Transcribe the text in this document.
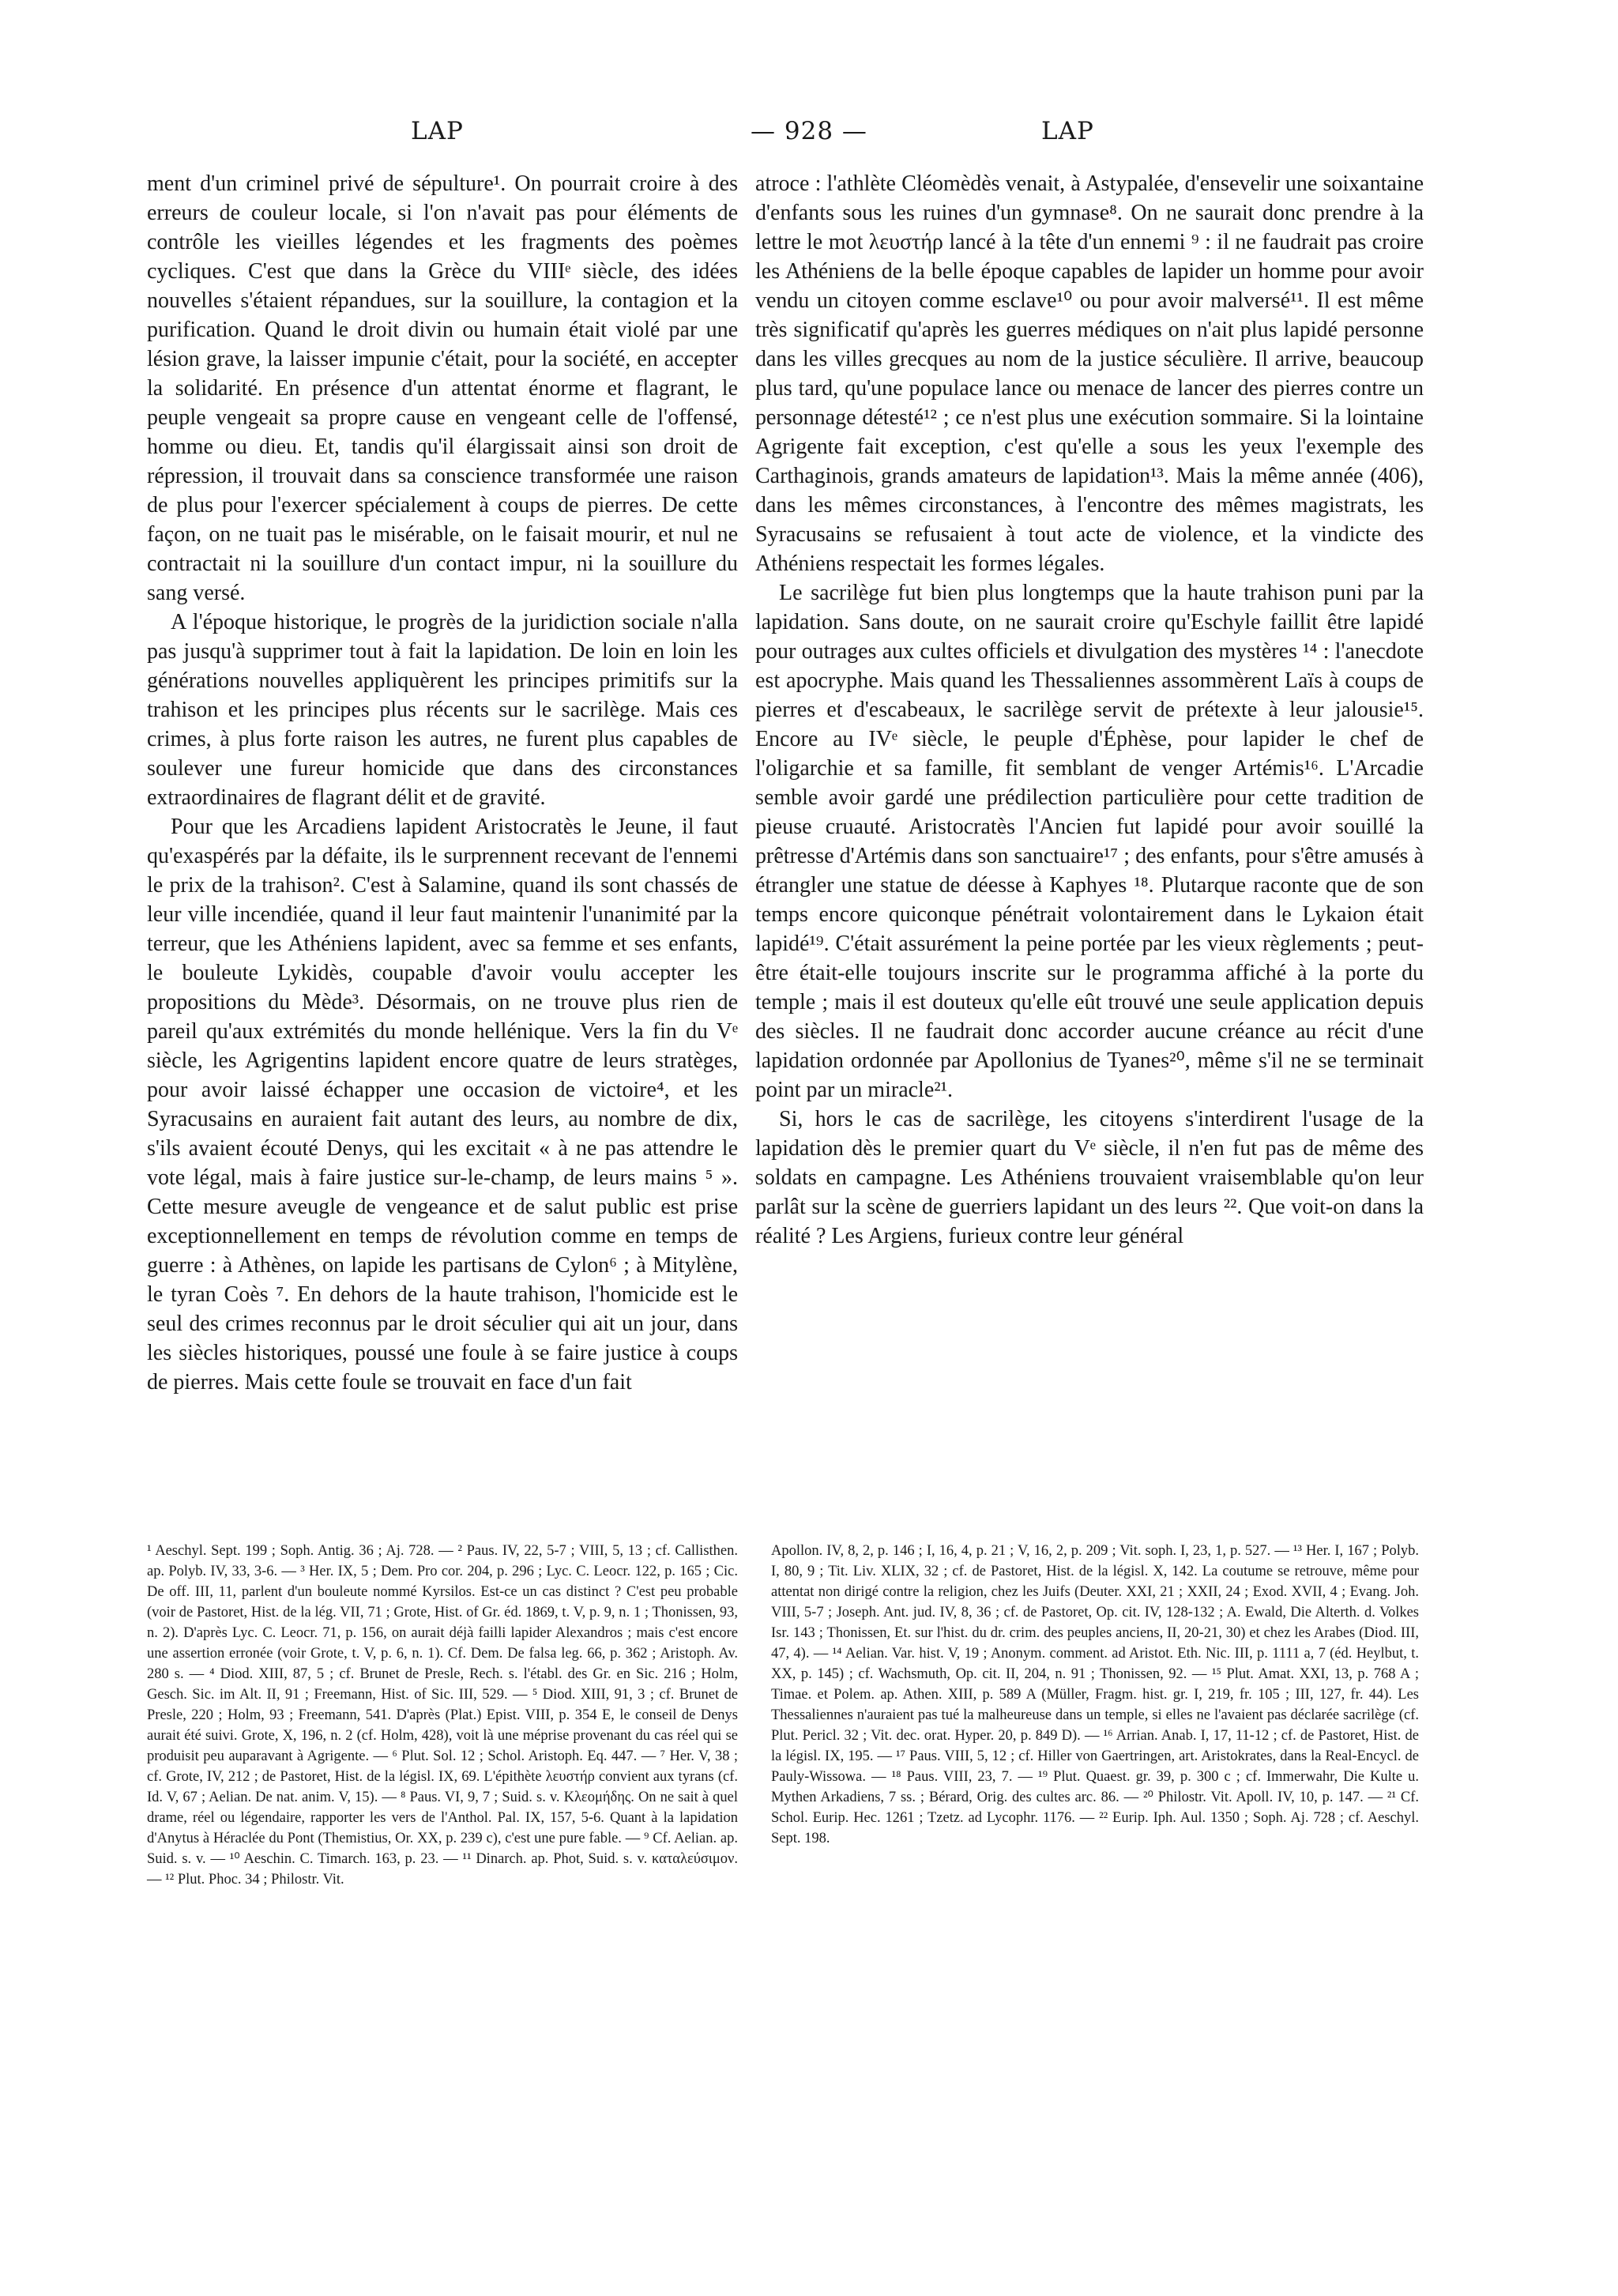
— 928 —
LAP	LAP

ment d'un criminel privé de sépulture¹. On pourrait croire à des erreurs de couleur locale, si l'on n'avait pas pour éléments de contrôle les vieilles légendes et les fragments des poèmes cycliques. C'est que dans la Grèce du VIIIᵉ siècle, des idées nouvelles s'étaient répandues, sur la souillure, la contagion et la purification. Quand le droit divin ou humain était violé par une lésion grave, la laisser impunie c'était, pour la société, en accepter la solidarité. En présence d'un attentat énorme et flagrant, le peuple vengeait sa propre cause en vengeant celle de l'offensé, homme ou dieu. Et, tandis qu'il élargissait ainsi son droit de répression, il trouvait dans sa conscience transformée une raison de plus pour l'exercer spécialement à coups de pierres. De cette façon, on ne tuait pas le misérable, on le faisait mourir, et nul ne contractait ni la souillure d'un contact impur, ni la souillure du sang versé.

A l'époque historique, le progrès de la juridiction sociale n'alla pas jusqu'à supprimer tout à fait la lapidation. De loin en loin les générations nouvelles appliquèrent les principes primitifs sur la trahison et les principes plus récents sur le sacrilège. Mais ces crimes, à plus forte raison les autres, ne furent plus capables de soulever une fureur homicide que dans des circonstances extraordinaires de flagrant délit et de gravité.

Pour que les Arcadiens lapident Aristocratès le Jeune, il faut qu'exaspérés par la défaite, ils le surprennent recevant de l'ennemi le prix de la trahison². C'est à Salamine, quand ils sont chassés de leur ville incendiée, quand il leur faut maintenir l'unanimité par la terreur, que les Athéniens lapident, avec sa femme et ses enfants, le bouleute Lykidès, coupable d'avoir voulu accepter les propositions du Mède³. Désormais, on ne trouve plus rien de pareil qu'aux extrémités du monde hellénique. Vers la fin du Vᵉ siècle, les Agrigentins lapident encore quatre de leurs stratèges, pour avoir laissé échapper une occasion de victoire⁴, et les Syracusains en auraient fait autant des leurs, au nombre de dix, s'ils avaient écouté Denys, qui les excitait « à ne pas attendre le vote légal, mais à faire justice sur-le-champ, de leurs mains ⁵ ». Cette mesure aveugle de vengeance et de salut public est prise exceptionnellement en temps de révolution comme en temps de guerre : à Athènes, on lapide les partisans de Cylon⁶ ; à Mitylène, le tyran Coès ⁷. En dehors de la haute trahison, l'homicide est le seul des crimes reconnus par le droit séculier qui ait un jour, dans les siècles historiques, poussé une foule à se faire justice à coups de pierres. Mais cette foule se trouvait en face d'un fait

atroce : l'athlète Cléomèdès venait, à Astypalée, d'ensevelir une soixantaine d'enfants sous les ruines d'un gymnase⁸. On ne saurait donc prendre à la lettre le mot λευστήρ lancé à la tête d'un ennemi ⁹ : il ne faudrait pas croire les Athéniens de la belle époque capables de lapider un homme pour avoir vendu un citoyen comme esclave¹⁰ ou pour avoir malversé¹¹. Il est même très significatif qu'après les guerres médiques on n'ait plus lapidé personne dans les villes grecques au nom de la justice séculière. Il arrive, beaucoup plus tard, qu'une populace lance ou menace de lancer des pierres contre un personnage détesté¹² ; ce n'est plus une exécution sommaire. Si la lointaine Agrigente fait exception, c'est qu'elle a sous les yeux l'exemple des Carthaginois, grands amateurs de lapidation¹³. Mais la même année (406), dans les mêmes circonstances, à l'encontre des mêmes magistrats, les Syracusains se refusaient à tout acte de violence, et la vindicte des Athéniens respectait les formes légales.

Le sacrilège fut bien plus longtemps que la haute trahison puni par la lapidation. Sans doute, on ne saurait croire qu'Eschyle faillit être lapidé pour outrages aux cultes officiels et divulgation des mystères ¹⁴ : l'anecdote est apocryphe. Mais quand les Thessaliennes assommèrent Laïs à coups de pierres et d'escabeaux, le sacrilège servit de prétexte à leur jalousie¹⁵. Encore au IVᵉ siècle, le peuple d'Éphèse, pour lapider le chef de l'oligarchie et sa famille, fit semblant de venger Artémis¹⁶. L'Arcadie semble avoir gardé une prédilection particulière pour cette tradition de pieuse cruauté. Aristocratès l'Ancien fut lapidé pour avoir souillé la prêtresse d'Artémis dans son sanctuaire¹⁷ ; des enfants, pour s'être amusés à étrangler une statue de déesse à Kaphyes ¹⁸. Plutarque raconte que de son temps encore quiconque pénétrait volontairement dans le Lykaion était lapidé¹⁹. C'était assurément la peine portée par les vieux règlements ; peut-être était-elle toujours inscrite sur le programma affiché à la porte du temple ; mais il est douteux qu'elle eût trouvé une seule application depuis des siècles. Il ne faudrait donc accorder aucune créance au récit d'une lapidation ordonnée par Apollonius de Tyanes²⁰, même s'il ne se terminait point par un miracle²¹.

Si, hors le cas de sacrilège, les citoyens s'interdirent l'usage de la lapidation dès le premier quart du Vᵉ siècle, il n'en fut pas de même des soldats en campagne. Les Athéniens trouvaient vraisemblable qu'on leur parlât sur la scène de guerriers lapidant un des leurs ²². Que voit-on dans la réalité ? Les Argiens, furieux contre leur général

¹ Aeschyl. Sept. 199 ; Soph. Antig. 36 ; Aj. 728. — ² Paus. IV, 22, 5-7 ; VIII, 5, 13 ; cf. Callisthen. ap. Polyb. IV, 33, 3-6. — ³ Her. IX, 5 ; Dem. Pro cor. 204, p. 296 ; Lyc. C. Leocr. 122, p. 165 ; Cic. De off. III, 11, parlent d'un bouleute nommé Kyrsilos. Est-ce un cas distinct ? C'est peu probable (voir de Pastoret, Hist. de la lég. VII, 71 ; Grote, Hist. of Gr. éd. 1869, t. V, p. 9, n. 1 ; Thonissen, 93, n. 2). D'après Lyc. C. Leocr. 71, p. 156, on aurait déjà failli lapider Alexandros ; mais c'est encore une assertion erronée (voir Grote, t. V, p. 6, n. 1). Cf. Dem. De falsa leg. 66, p. 362 ; Aristoph. Av. 280 s. — ⁴ Diod. XIII, 87, 5 ; cf. Brunet de Presle, Rech. s. l'établ. des Gr. en Sic. 216 ; Holm, Gesch. Sic. im Alt. II, 91 ; Freemann, Hist. of Sic. III, 529. — ⁵ Diod. XIII, 91, 3 ; cf. Brunet de Presle, 220 ; Holm, 93 ; Freemann, 541. D'après (Plat.) Epist. VIII, p. 354 E, le conseil de Denys aurait été suivi. Grote, X, 196, n. 2 (cf. Holm, 428), voit là une méprise provenant du cas réel qui se produisit peu auparavant à Agrigente. — ⁶ Plut. Sol. 12 ; Schol. Aristoph. Eq. 447. — ⁷ Her. V, 38 ; cf. Grote, IV, 212 ; de Pastoret, Hist. de la législ. IX, 69. L'épithète λευστήρ convient aux tyrans (cf. Id. V, 67 ; Aelian. De nat. anim. V, 15). — ⁸ Paus. VI, 9, 7 ; Suid. s. v. Κλεομήδης. On ne sait à quel drame, réel ou légendaire, rapporter les vers de l'Anthol. Pal. IX, 157, 5-6. Quant à la lapidation d'Anytus à Héraclée du Pont (Themistius, Or. XX, p. 239 c), c'est une pure fable. — ⁹ Cf. Aelian. ap. Suid. s. v. — ¹⁰ Aeschin. C. Timarch. 163, p. 23. — ¹¹ Dinarch. ap. Phot, Suid. s. v. καταλεύσιμον. — ¹² Plut. Phoc. 34 ; Philostr. Vit.

Apollon. IV, 8, 2, p. 146 ; I, 16, 4, p. 21 ; V, 16, 2, p. 209 ; Vit. soph. I, 23, 1, p. 527. — ¹³ Her. I, 167 ; Polyb. I, 80, 9 ; Tit. Liv. XLIX, 32 ; cf. de Pastoret, Hist. de la législ. X, 142. La coutume se retrouve, même pour attentat non dirigé contre la religion, chez les Juifs (Deuter. XXI, 21 ; XXII, 24 ; Exod. XVII, 4 ; Evang. Joh. VIII, 5-7 ; Joseph. Ant. jud. IV, 8, 36 ; cf. de Pastoret, Op. cit. IV, 128-132 ; A. Ewald, Die Alterth. d. Volkes Isr. 143 ; Thonissen, Et. sur l'hist. du dr. crim. des peuples anciens, II, 20-21, 30) et chez les Arabes (Diod. III, 47, 4). — ¹⁴ Aelian. Var. hist. V, 19 ; Anonym. comment. ad Aristot. Eth. Nic. III, p. 1111 a, 7 (éd. Heylbut, t. XX, p. 145) ; cf. Wachsmuth, Op. cit. II, 204, n. 91 ; Thonissen, 92. — ¹⁵ Plut. Amat. XXI, 13, p. 768 A ; Timae. et Polem. ap. Athen. XIII, p. 589 A (Müller, Fragm. hist. gr. I, 219, fr. 105 ; III, 127, fr. 44). Les Thessaliennes n'auraient pas tué la malheureuse dans un temple, si elles ne l'avaient pas déclarée sacrilège (cf. Plut. Pericl. 32 ; Vit. dec. orat. Hyper. 20, p. 849 D). — ¹⁶ Arrian. Anab. I, 17, 11-12 ; cf. de Pastoret, Hist. de la législ. IX, 195. — ¹⁷ Paus. VIII, 5, 12 ; cf. Hiller von Gaertringen, art. Aristokrates, dans la Real-Encycl. de Pauly-Wissowa. — ¹⁸ Paus. VIII, 23, 7. — ¹⁹ Plut. Quaest. gr. 39, p. 300 c ; cf. Immerwahr, Die Kulte u. Mythen Arkadiens, 7 ss. ; Bérard, Orig. des cultes arc. 86. — ²⁰ Philostr. Vit. Apoll. IV, 10, p. 147. — ²¹ Cf. Schol. Eurip. Hec. 1261 ; Tzetz. ad Lycophr. 1176. — ²² Eurip. Iph. Aul. 1350 ; Soph. Aj. 728 ; cf. Aeschyl. Sept. 198.
